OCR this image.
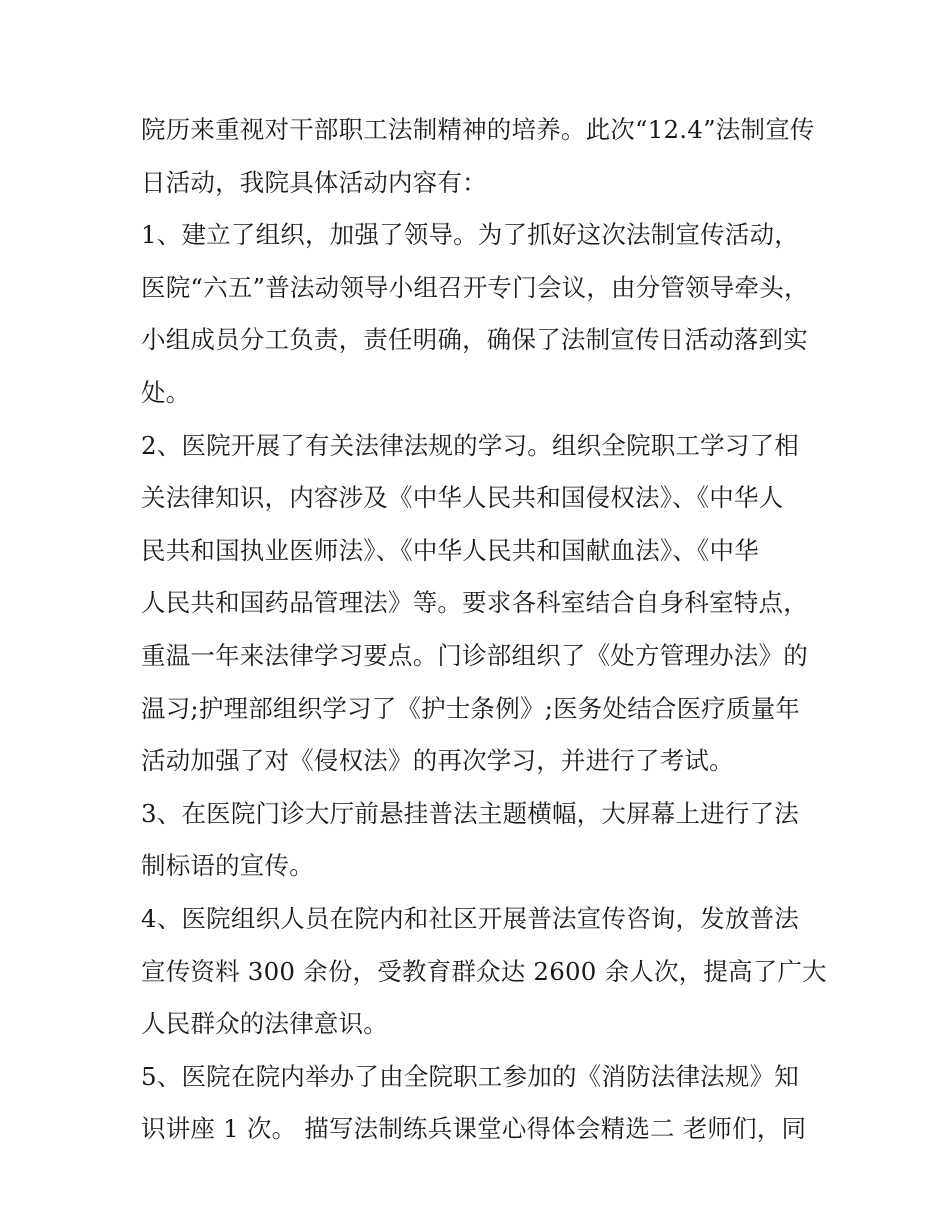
院历来重视对干部职工法制精神的培养。此次“12.4”法制宣传
日活动，我院具体活动内容有：
1、建立了组织，加强了领导。为了抓好这次法制宣传活动，
医院“六五”普法动领导小组召开专门会议，由分管领导牵头，
小组成员分工负责，责任明确，确保了法制宣传日活动落到实
处。
2、医院开展了有关法律法规的学习。组织全院职工学习了相
关法律知识，内容涉及《中华人民共和国侵权法》、《中华人
民共和国执业医师法》、《中华人民共和国献血法》、《中华
人民共和国药品管理法》等。要求各科室结合自身科室特点，
重温一年来法律学习要点。门诊部组织了《处方管理办法》的
温习;护理部组织学习了《护士条例》;医务处结合医疗质量年
活动加强了对《侵权法》的再次学习，并进行了考试。
3、在医院门诊大厅前悬挂普法主题横幅，大屏幕上进行了法
制标语的宣传。
4、医院组织人员在院内和社区开展普法宣传咨询，发放普法
宣传资料 300 余份，受教育群众达 2600 余人次，提高了广大
人民群众的法律意识。
5、医院在院内举办了由全院职工参加的《消防法律法规》知
识讲座 1 次。 描写法制练兵课堂心得体会精选二 老师们，同
